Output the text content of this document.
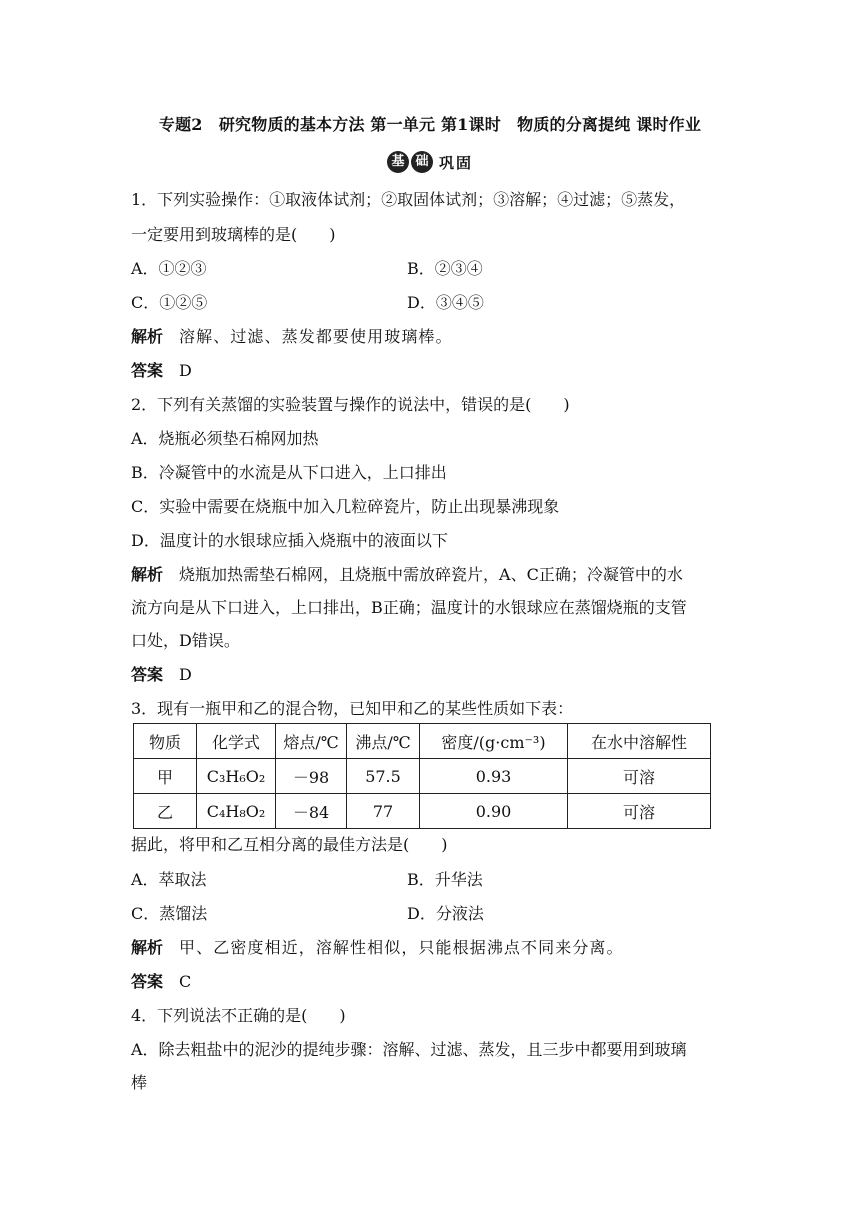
专题2　研究物质的基本方法 第一单元 第1课时　物质的分离提纯 课时作业
基 础 巩固
1．下列实验操作：①取液体试剂；②取固体试剂；③溶解；④过滤；⑤蒸发，
一定要用到玻璃棒的是(　　)
A．①②③	B．②③④
C．①②⑤	D．③④⑤
解析　 溶解、过滤、蒸发都要使用玻璃棒。
答案　 D
2．下列有关蒸馏的实验装置与操作的说法中，错误的是(　　)
A．烧瓶必须垫石棉网加热
B．冷凝管中的水流是从下口进入，上口排出
C．实验中需要在烧瓶中加入几粒碎瓷片，防止出现暴沸现象
D．温度计的水银球应插入烧瓶中的液面以下
解析　 烧瓶加热需垫石棉网，且烧瓶中需放碎瓷片，A、C正确；冷凝管中的水
流方向是从下口进入，上口排出，B正确；温度计的水银球应在蒸馏烧瓶的支管
口处，D错误。
答案　 D
3．现有一瓶甲和乙的混合物，已知甲和乙的某些性质如下表：
物质	化学式	熔点/℃	沸点/℃	密度/(g·cm⁻³)	在水中溶解性
甲	C₃H₆O₂	－98	57.5	0.93	可溶
乙	C₄H₈O₂	－84	77	0.90	可溶
据此，将甲和乙互相分离的最佳方法是(　　)
A．萃取法	B．升华法
C．蒸馏法	D．分液法
解析　 甲、乙密度相近，溶解性相似，只能根据沸点不同来分离。
答案　 C
4．下列说法不正确的是(　　)
A．除去粗盐中的泥沙的提纯步骤：溶解、过滤、蒸发，且三步中都要用到玻璃
棒
